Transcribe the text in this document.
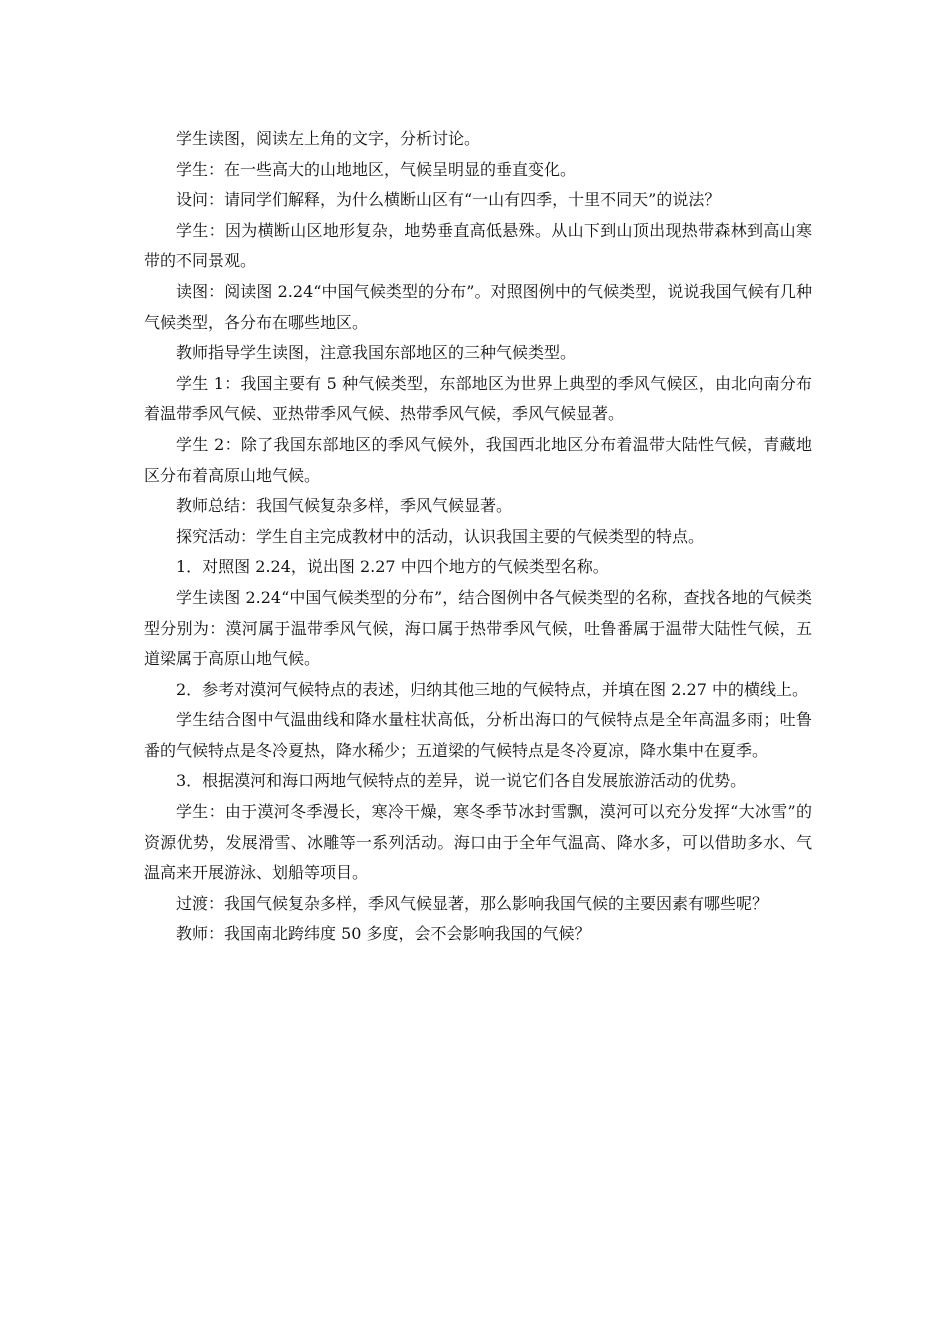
学生读图，阅读左上角的文字，分析讨论。

学生：在一些高大的山地地区，气候呈明显的垂直变化。

设问：请同学们解释，为什么横断山区有“一山有四季，十里不同天”的说法？

学生：因为横断山区地形复杂，地势垂直高低悬殊。从山下到山顶出现热带森林到高山寒带的不同景观。

读图：阅读图 2.24“中国气候类型的分布”。对照图例中的气候类型，说说我国气候有几种气候类型，各分布在哪些地区。

教师指导学生读图，注意我国东部地区的三种气候类型。

学生 1：我国主要有 5 种气候类型，东部地区为世界上典型的季风气候区，由北向南分布着温带季风气候、亚热带季风气候、热带季风气候，季风气候显著。

学生 2：除了我国东部地区的季风气候外，我国西北地区分布着温带大陆性气候，青藏地区分布着高原山地气候。

教师总结：我国气候复杂多样，季风气候显著。

探究活动：学生自主完成教材中的活动，认识我国主要的气候类型的特点。

1．对照图 2.24，说出图 2.27 中四个地方的气候类型名称。

学生读图 2.24“中国气候类型的分布”，结合图例中各气候类型的名称，查找各地的气候类型分别为：漠河属于温带季风气候，海口属于热带季风气候，吐鲁番属于温带大陆性气候，五道梁属于高原山地气候。

2．参考对漠河气候特点的表述，归纳其他三地的气候特点，并填在图 2.27 中的横线上。

学生结合图中气温曲线和降水量柱状高低，分析出海口的气候特点是全年高温多雨；吐鲁番的气候特点是冬冷夏热，降水稀少；五道梁的气候特点是冬冷夏凉，降水集中在夏季。

3．根据漠河和海口两地气候特点的差异，说一说它们各自发展旅游活动的优势。

学生：由于漠河冬季漫长，寒冷干燥，寒冬季节冰封雪飘，漠河可以充分发挥“大冰雪”的资源优势，发展滑雪、冰雕等一系列活动。海口由于全年气温高、降水多，可以借助多水、气温高来开展游泳、划船等项目。

过渡：我国气候复杂多样，季风气候显著，那么影响我国气候的主要因素有哪些呢？

教师：我国南北跨纬度 50 多度，会不会影响我国的气候？
